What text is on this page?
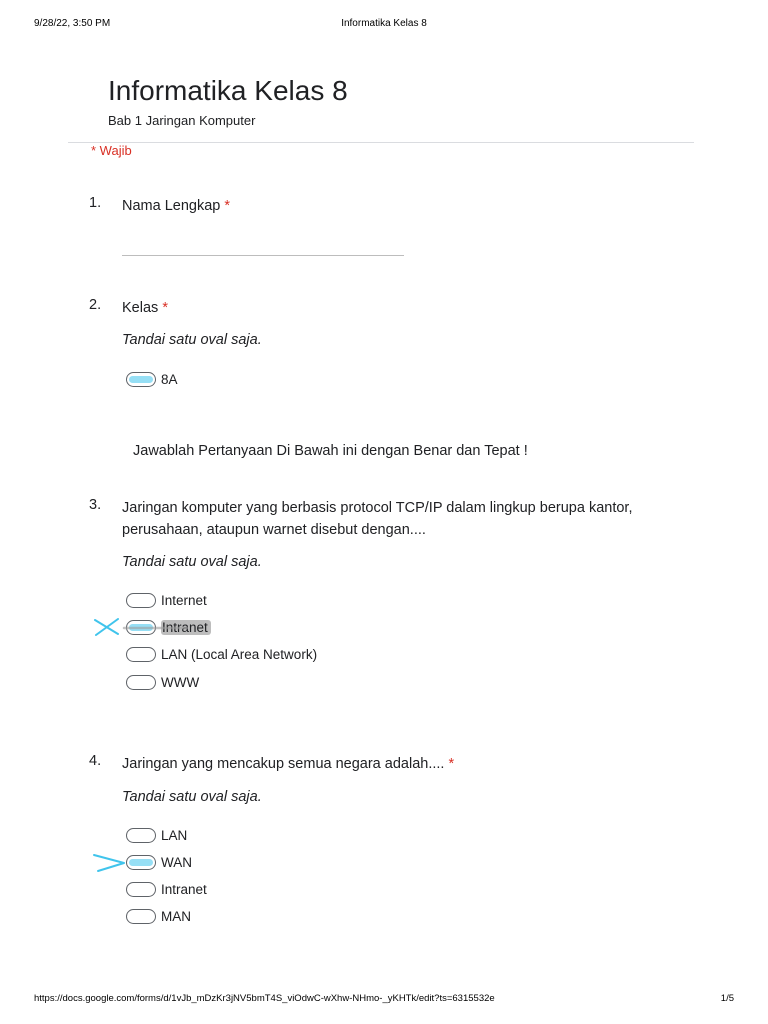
9/28/22, 3:50 PM	Informatika Kelas 8
Informatika Kelas 8
Bab 1 Jaringan Komputer
* Wajib
1. Nama Lengkap *
2. Kelas *
Tandai satu oval saja.
8A
Jawablah Pertanyaan Di Bawah ini dengan Benar dan Tepat !
3. Jaringan komputer yang berbasis protocol TCP/IP dalam lingkup berupa kantor, perusahaan, ataupun warnet disebut dengan....
Tandai satu oval saja.
Internet
Intranet
LAN (Local Area Network)
WWW
4. Jaringan yang mencakup semua negara adalah.... *
Tandai satu oval saja.
LAN
WAN
Intranet
MAN
https://docs.google.com/forms/d/1vJb_mDzKr3jNV5bmT4S_viOdwC-wXhw-NHmo-_yKHTk/edit?ts=6315532e	1/5
